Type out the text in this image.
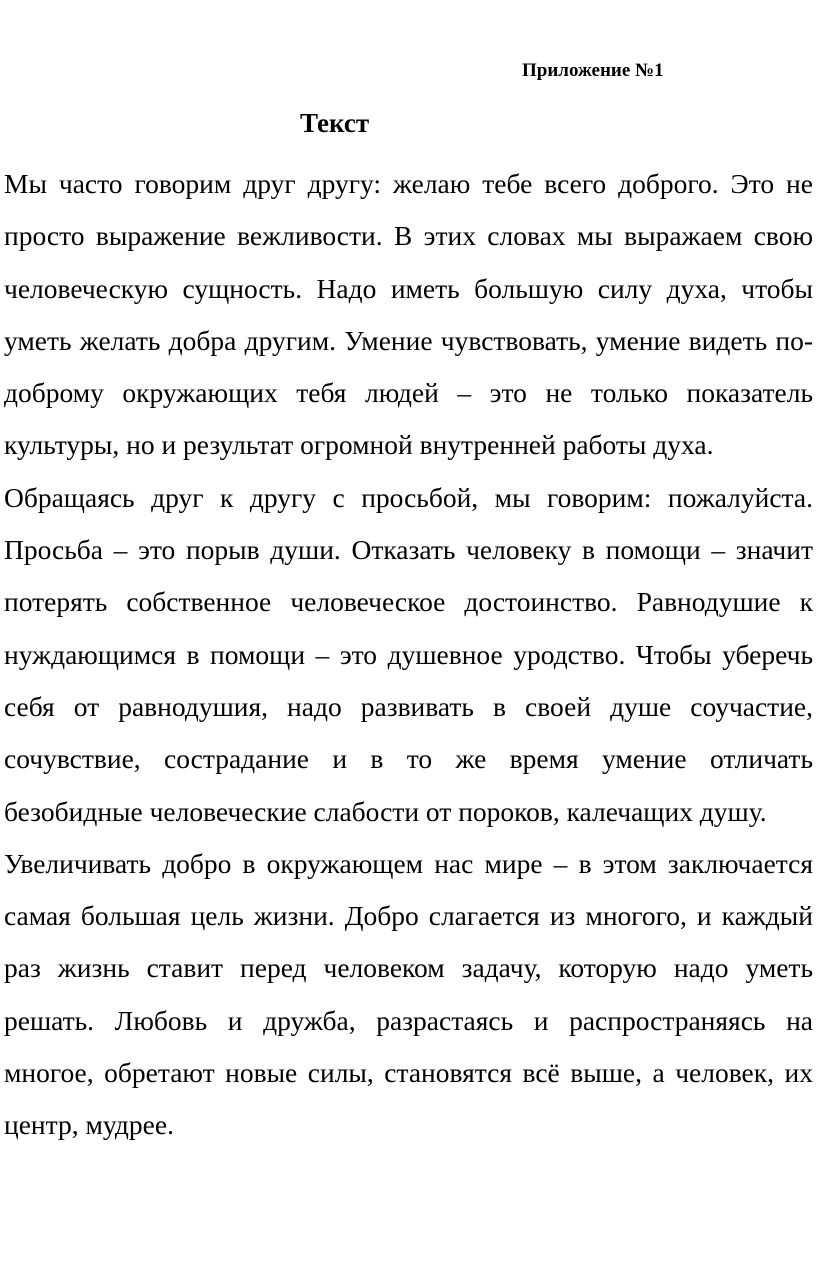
Приложение №1
Текст

Мы часто говорим друг другу: желаю тебе всего доброго. Это не просто выражение вежливости. В этих словах мы выражаем свою человеческую сущность. Надо иметь большую силу духа, чтобы уметь желать добра другим. Умение чувствовать, умение видеть по-доброму окружающих тебя людей – это не только показатель культуры, но и результат огромной внутренней работы духа.

Обращаясь друг к другу с просьбой, мы говорим: пожалуйста. Просьба – это порыв души. Отказать человеку в помощи – значит потерять собственное человеческое достоинство. Равнодушие к нуждающимся в помощи – это душевное уродство. Чтобы уберечь себя от равнодушия, надо развивать в своей душе соучастие, сочувствие, сострадание и в то же время умение отличать безобидные человеческие слабости от пороков, калечащих душу.

Увеличивать добро в окружающем нас мире – в этом заключается самая большая цель жизни. Добро слагается из многого, и каждый раз жизнь ставит перед человеком задачу, которую надо уметь решать. Любовь и дружба, разрастаясь и распространяясь на многое, обретают новые силы, становятся всё выше, а человек, их центр, мудрее.
